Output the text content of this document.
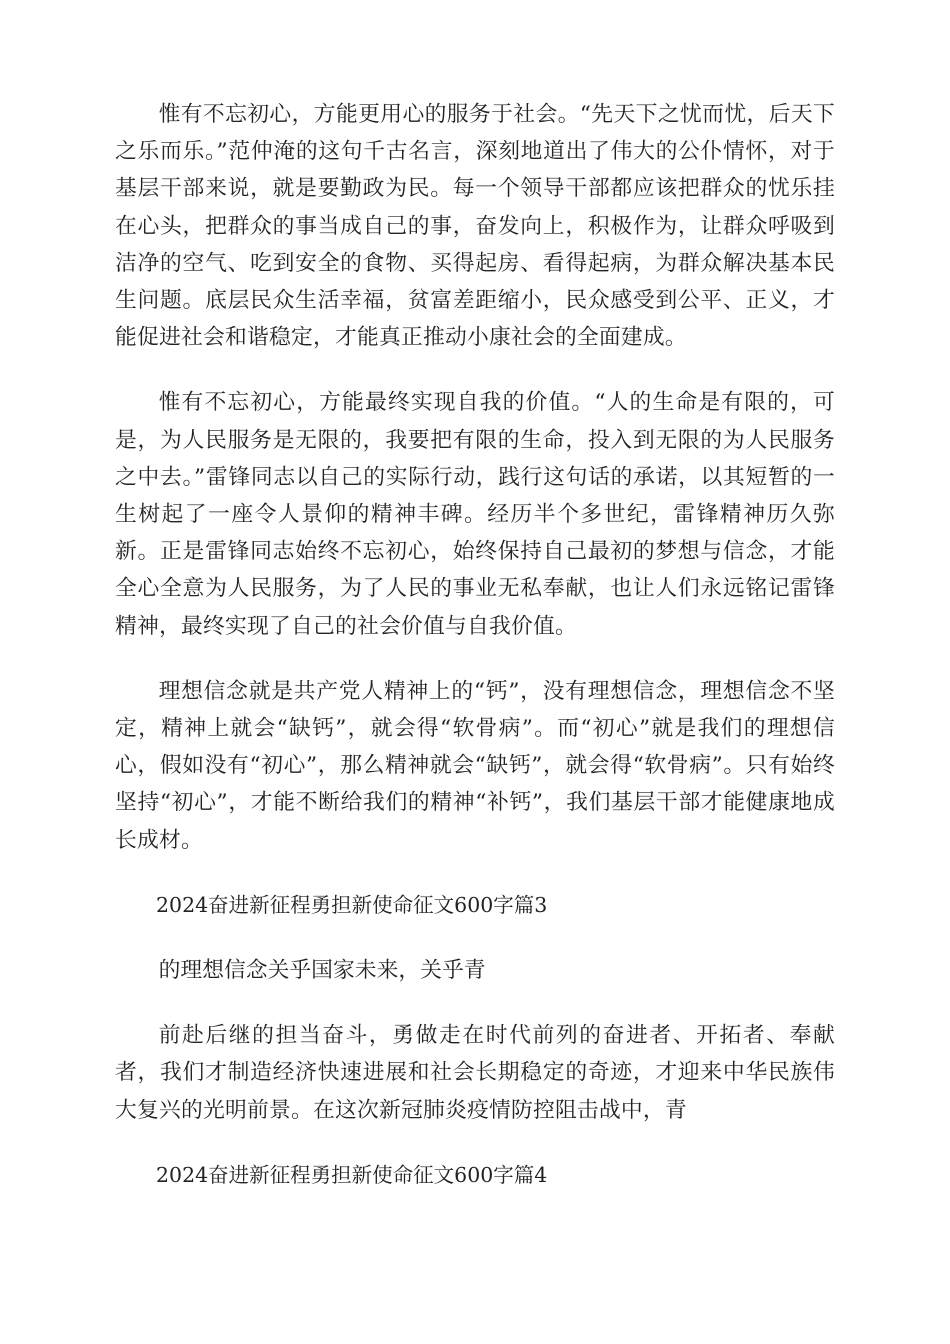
惟有不忘初心，方能更用心的服务于社会。“先天下之忧而忧，后天下之乐而乐。”范仲淹的这句千古名言，深刻地道出了伟大的公仆情怀，对于基层干部来说，就是要勤政为民。每一个领导干部都应该把群众的忧乐挂在心头，把群众的事当成自己的事，奋发向上，积极作为，让群众呼吸到洁净的空气、吃到安全的食物、买得起房、看得起病，为群众解决基本民生问题。底层民众生活幸福，贫富差距缩小，民众感受到公平、正义，才能促进社会和谐稳定，才能真正推动小康社会的全面建成。

惟有不忘初心，方能最终实现自我的价值。“人的生命是有限的，可是，为人民服务是无限的，我要把有限的生命，投入到无限的为人民服务之中去。”雷锋同志以自己的实际行动，践行这句话的承诺，以其短暂的一生树起了一座令人景仰的精神丰碑。经历半个多世纪，雷锋精神历久弥新。正是雷锋同志始终不忘初心，始终保持自己最初的梦想与信念，才能全心全意为人民服务，为了人民的事业无私奉献，也让人们永远铭记雷锋精神，最终实现了自己的社会价值与自我价值。

理想信念就是共产党人精神上的“钙”，没有理想信念，理想信念不坚定，精神上就会“缺钙”，就会得“软骨病”。而“初心”就是我们的理想信心，假如没有“初心”，那么精神就会“缺钙”，就会得“软骨病”。只有始终坚持“初心”，才能不断给我们的精神“补钙”，我们基层干部才能健康地成长成材。

2024奋进新征程勇担新使命征文600字篇3

的理想信念关乎国家未来，关乎青

前赴后继的担当奋斗，勇做走在时代前列的奋进者、开拓者、奉献者，我们才制造经济快速进展和社会长期稳定的奇迹，才迎来中华民族伟大复兴的光明前景。在这次新冠肺炎疫情防控阻击战中，青

2024奋进新征程勇担新使命征文600字篇4
